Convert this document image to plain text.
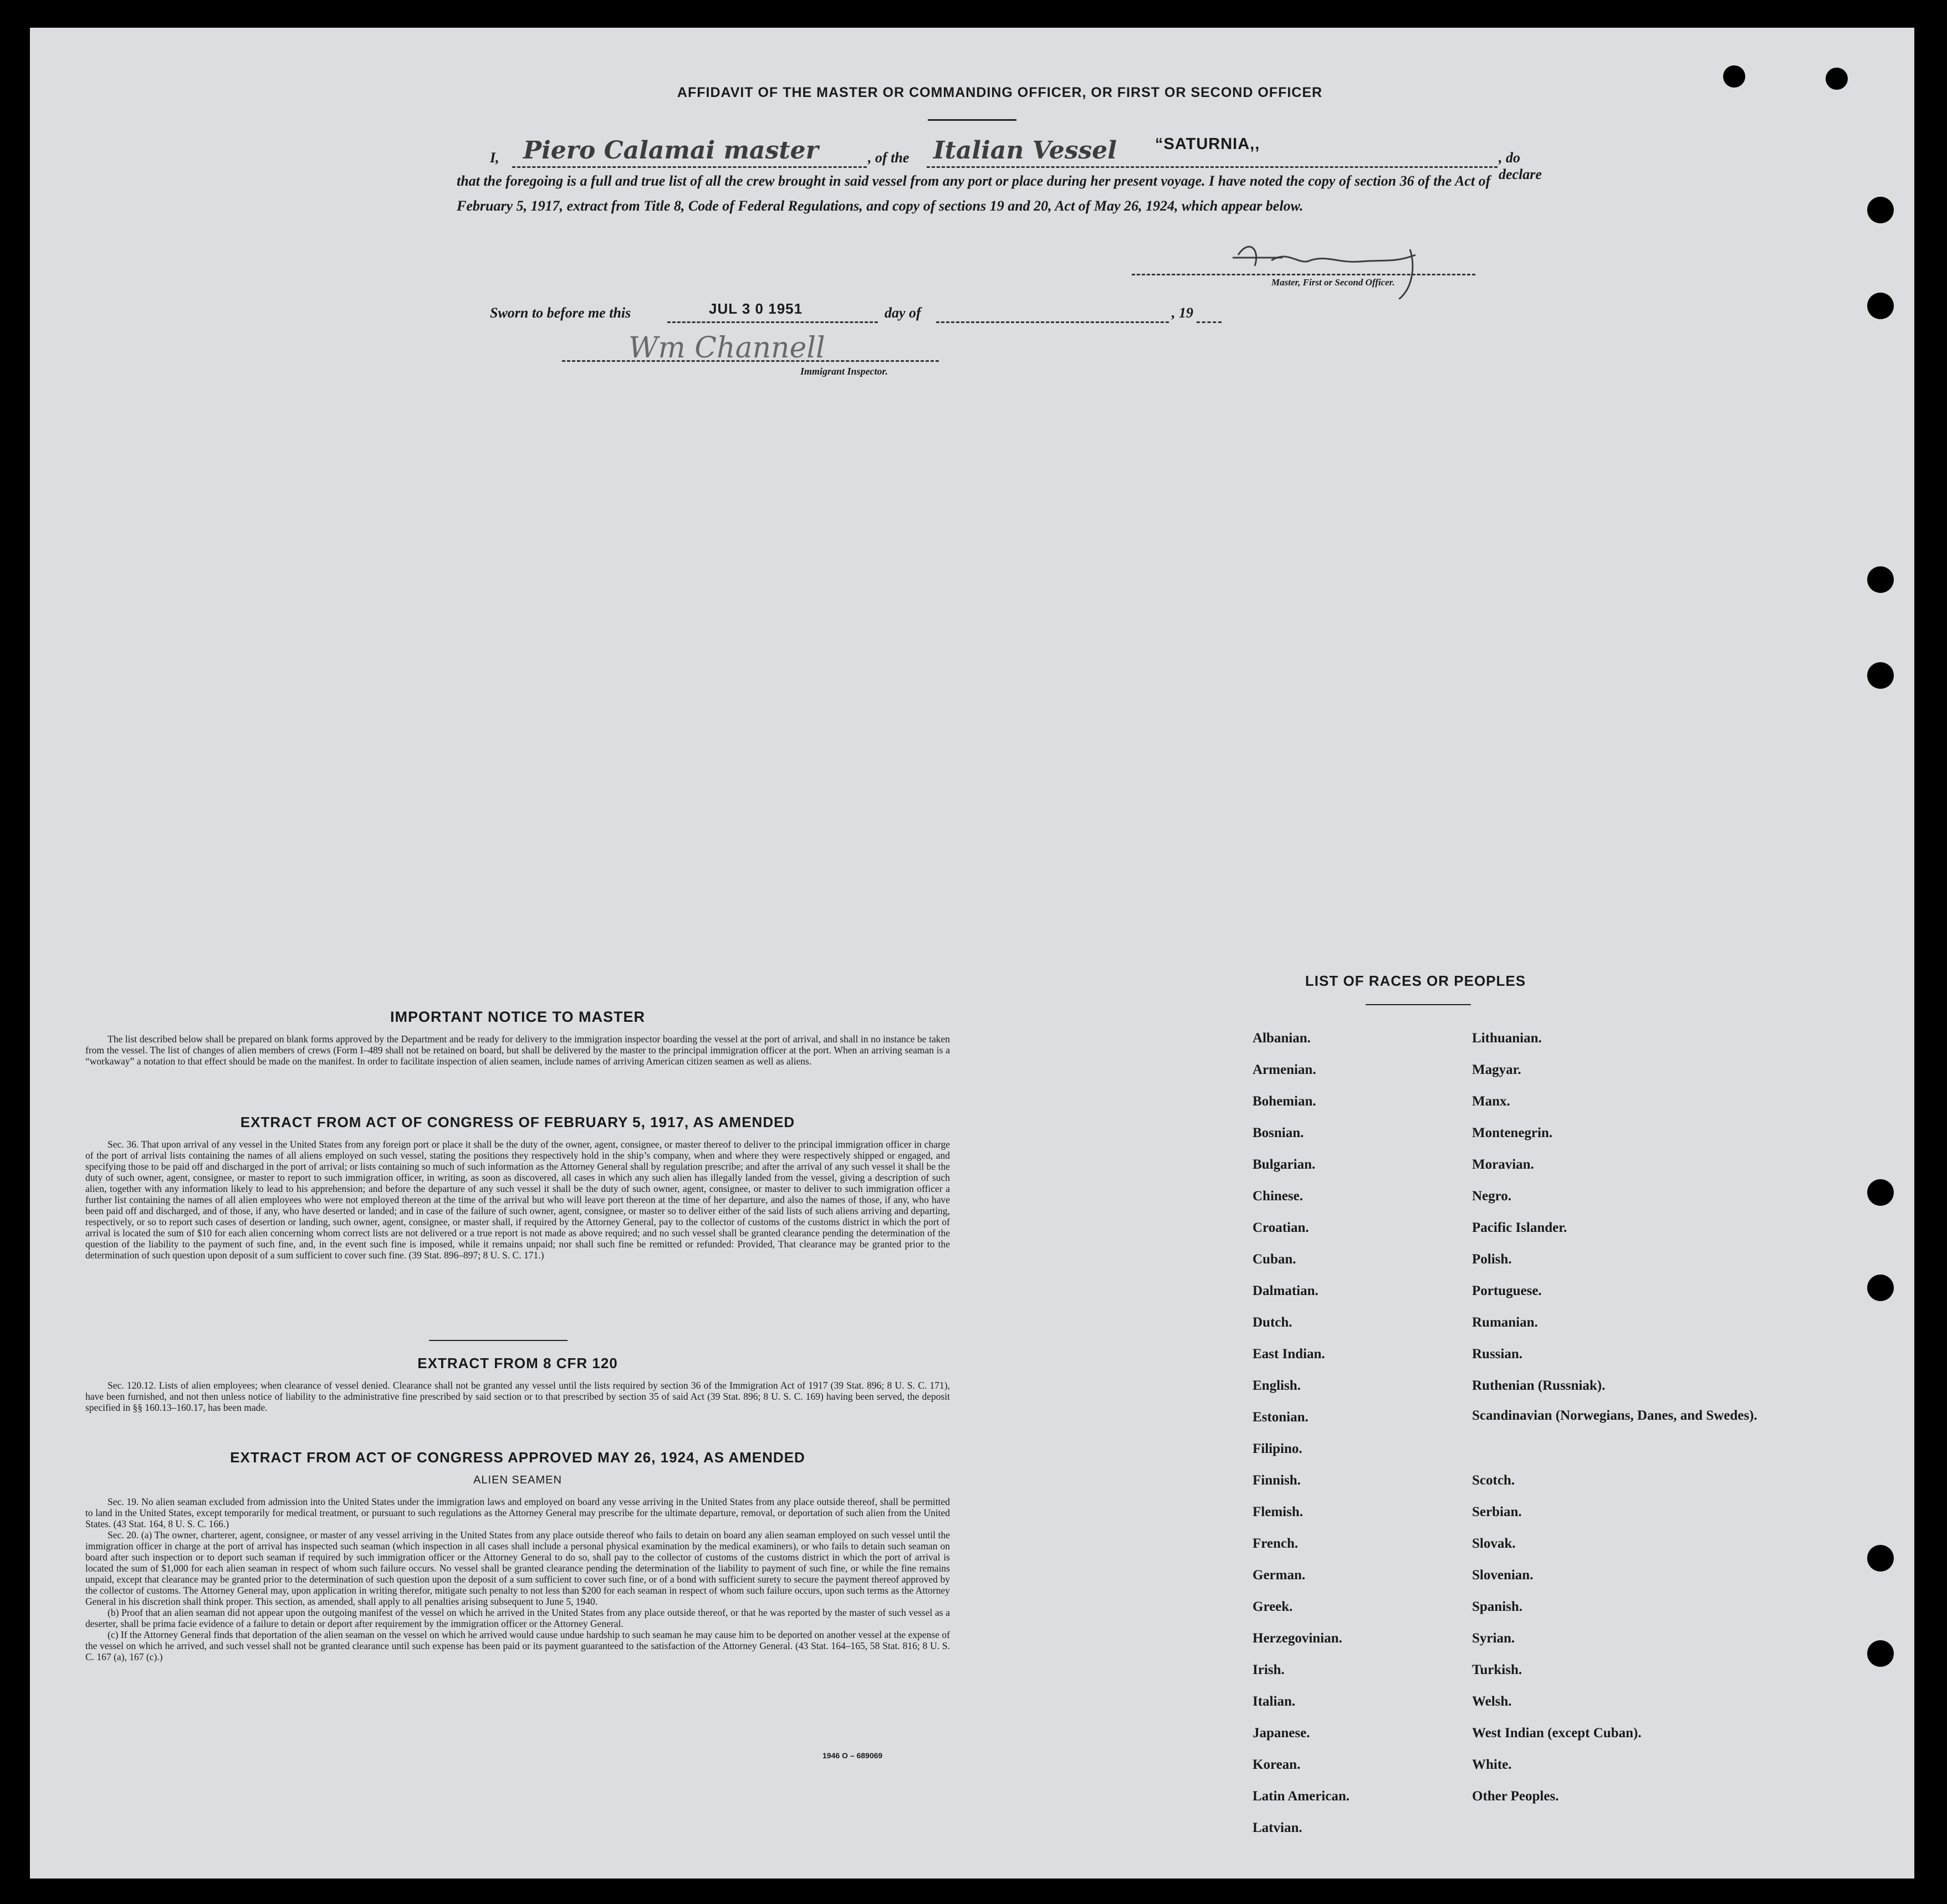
AFFIDAVIT OF THE MASTER OR COMMANDING OFFICER, OR FIRST OR SECOND OFFICER
I, Piero Calamai master	, of the Italian Vessel “SATURNIA,,
, do declare
that the foregoing is a full and true list of all the crew brought in said vessel from any port or place during her present voyage. I have noted the copy of section 36 of the Act of February 5, 1917, extract from Title 8, Code of Federal Regulations, and copy of sections 19 and 20, Act of May 26, 1924, which appear below.
Master, First or Second Officer.
Sworn to before me this	JUL 3 0 1951	day of	, 19
Wm Channell
Immigrant Inspector.
IMPORTANT NOTICE TO MASTER

The list described below shall be prepared on blank forms approved by the Department and be ready for delivery to the immigration inspector boarding the vessel at the port of arrival, and shall in no instance be taken from the vessel. The list of changes of alien members of crews (Form I–489 shall not be retained on board, but shall be delivered by the master to the principal immigration officer at the port. When an arriving seaman is a “workaway” a notation to that effect should be made on the manifest. In order to facilitate inspection of alien seamen, include names of arriving American citizen seamen as well as aliens.

EXTRACT FROM ACT OF CONGRESS OF FEBRUARY 5, 1917, AS AMENDED

Sec. 36. That upon arrival of any vessel in the United States from any foreign port or place it shall be the duty of the owner, agent, consignee, or master thereof to deliver to the principal immigration officer in charge of the port of arrival lists containing the names of all aliens employed on such vessel, stating the positions they respectively hold in the ship’s company, when and where they were respectively shipped or engaged, and specifying those to be paid off and discharged in the port of arrival; or lists containing so much of such information as the Attorney General shall by regulation prescribe; and after the arrival of any such vessel it shall be the duty of such owner, agent, consignee, or master to report to such immigration officer, in writing, as soon as discovered, all cases in which any such alien has illegally landed from the vessel, giving a description of such alien, together with any information likely to lead to his apprehension; and before the departure of any such vessel it shall be the duty of such owner, agent, consignee, or master to deliver to such immigration officer a further list containing the names of all alien employees who were not employed thereon at the time of the arrival but who will leave port thereon at the time of her departure, and also the names of those, if any, who have been paid off and discharged, and of those, if any, who have deserted or landed; and in case of the failure of such owner, agent, consignee, or master so to deliver either of the said lists of such aliens arriving and departing, respectively, or so to report such cases of desertion or landing, such owner, agent, consignee, or master shall, if required by the Attorney General, pay to the collector of customs of the customs district in which the port of arrival is located the sum of $10 for each alien concerning whom correct lists are not delivered or a true report is not made as above required; and no such vessel shall be granted clearance pending the determination of the question of the liability to the payment of such fine, and, in the event such fine is imposed, while it remains unpaid; nor shall such fine be remitted or refunded: Provided, That clearance may be granted prior to the determination of such question upon deposit of a sum sufficient to cover such fine. (39 Stat. 896–897; 8 U. S. C. 171.)

EXTRACT FROM 8 CFR 120

Sec. 120.12. Lists of alien employees; when clearance of vessel denied. Clearance shall not be granted any vessel until the lists required by section 36 of the Immigration Act of 1917 (39 Stat. 896; 8 U. S. C. 171), have been furnished, and not then unless notice of liability to the administrative fine prescribed by said section or to that prescribed by section 35 of said Act (39 Stat. 896; 8 U. S. C. 169) having been served, the deposit specified in §§ 160.13–160.17, has been made.

EXTRACT FROM ACT OF CONGRESS APPROVED MAY 26, 1924, AS AMENDED
ALIEN SEAMEN

Sec. 19. No alien seaman excluded from admission into the United States under the immigration laws and employed on board any vesse arriving in the United States from any place outside thereof, shall be permitted to land in the United States, except temporarily for medical treatment, or pursuant to such regulations as the Attorney General may prescribe for the ultimate departure, removal, or deportation of such alien from the United States. (43 Stat. 164, 8 U. S. C. 166.)

Sec. 20. (a) The owner, charterer, agent, consignee, or master of any vessel arriving in the United States from any place outside thereof who fails to detain on board any alien seaman employed on such vessel until the immigration officer in charge at the port of arrival has inspected such seaman (which inspection in all cases shall include a personal physical examination by the medical examiners), or who fails to detain such seaman on board after such inspection or to deport such seaman if required by such immigration officer or the Attorney General to do so, shall pay to the collector of customs of the customs district in which the port of arrival is located the sum of $1,000 for each alien seaman in respect of whom such failure occurs. No vessel shall be granted clearance pending the determination of the liability to payment of such fine, or while the fine remains unpaid, except that clearance may be granted prior to the determination of such question upon the deposit of a sum sufficient to cover such fine, or of a bond with sufficient surety to secure the payment thereof approved by the collector of customs. The Attorney General may, upon application in writing therefor, mitigate such penalty to not less than $200 for each seaman in respect of whom such failure occurs, upon such terms as the Attorney General in his discretion shall think proper. This section, as amended, shall apply to all penalties arising subsequent to June 5, 1940.

(b) Proof that an alien seaman did not appear upon the outgoing manifest of the vessel on which he arrived in the United States from any place outside thereof, or that he was reported by the master of such vessel as a deserter, shall be prima facie evidence of a failure to detain or deport after requirement by the immigration officer or the Attorney General.

(c) If the Attorney General finds that deportation of the alien seaman on the vessel on which he arrived would cause undue hardship to such seaman he may cause him to be deported on another vessel at the expense of the vessel on which he arrived, and such vessel shall not be granted clearance until such expense has been paid or its payment guaranteed to the satisfaction of the Attorney General. (43 Stat. 164–165, 58 Stat. 816; 8 U. S. C. 167 (a), 167 (c).)

1946 O – 689069
LIST OF RACES OR PEOPLES
Albanian.
Armenian.
Bohemian.
Bosnian.
Bulgarian.
Chinese.
Croatian.
Cuban.
Dalmatian.
Dutch.
East Indian.
English.
Estonian.
Filipino.
Finnish.
Flemish.
French.
German.
Greek.
Herzegovinian.
Irish.
Italian.
Japanese.
Korean.
Latin American.
Latvian.
Lithuanian.
Magyar.
Manx.
Montenegrin.
Moravian.
Negro.
Pacific Islander.
Polish.
Portuguese.
Rumanian.
Russian.
Ruthenian (Russniak).
Scandinavian (Norwegians, Danes, and Swedes).
Scotch.
Serbian.
Slovak.
Slovenian.
Spanish.
Syrian.
Turkish.
Welsh.
West Indian (except Cuban).
White.
Other Peoples.
